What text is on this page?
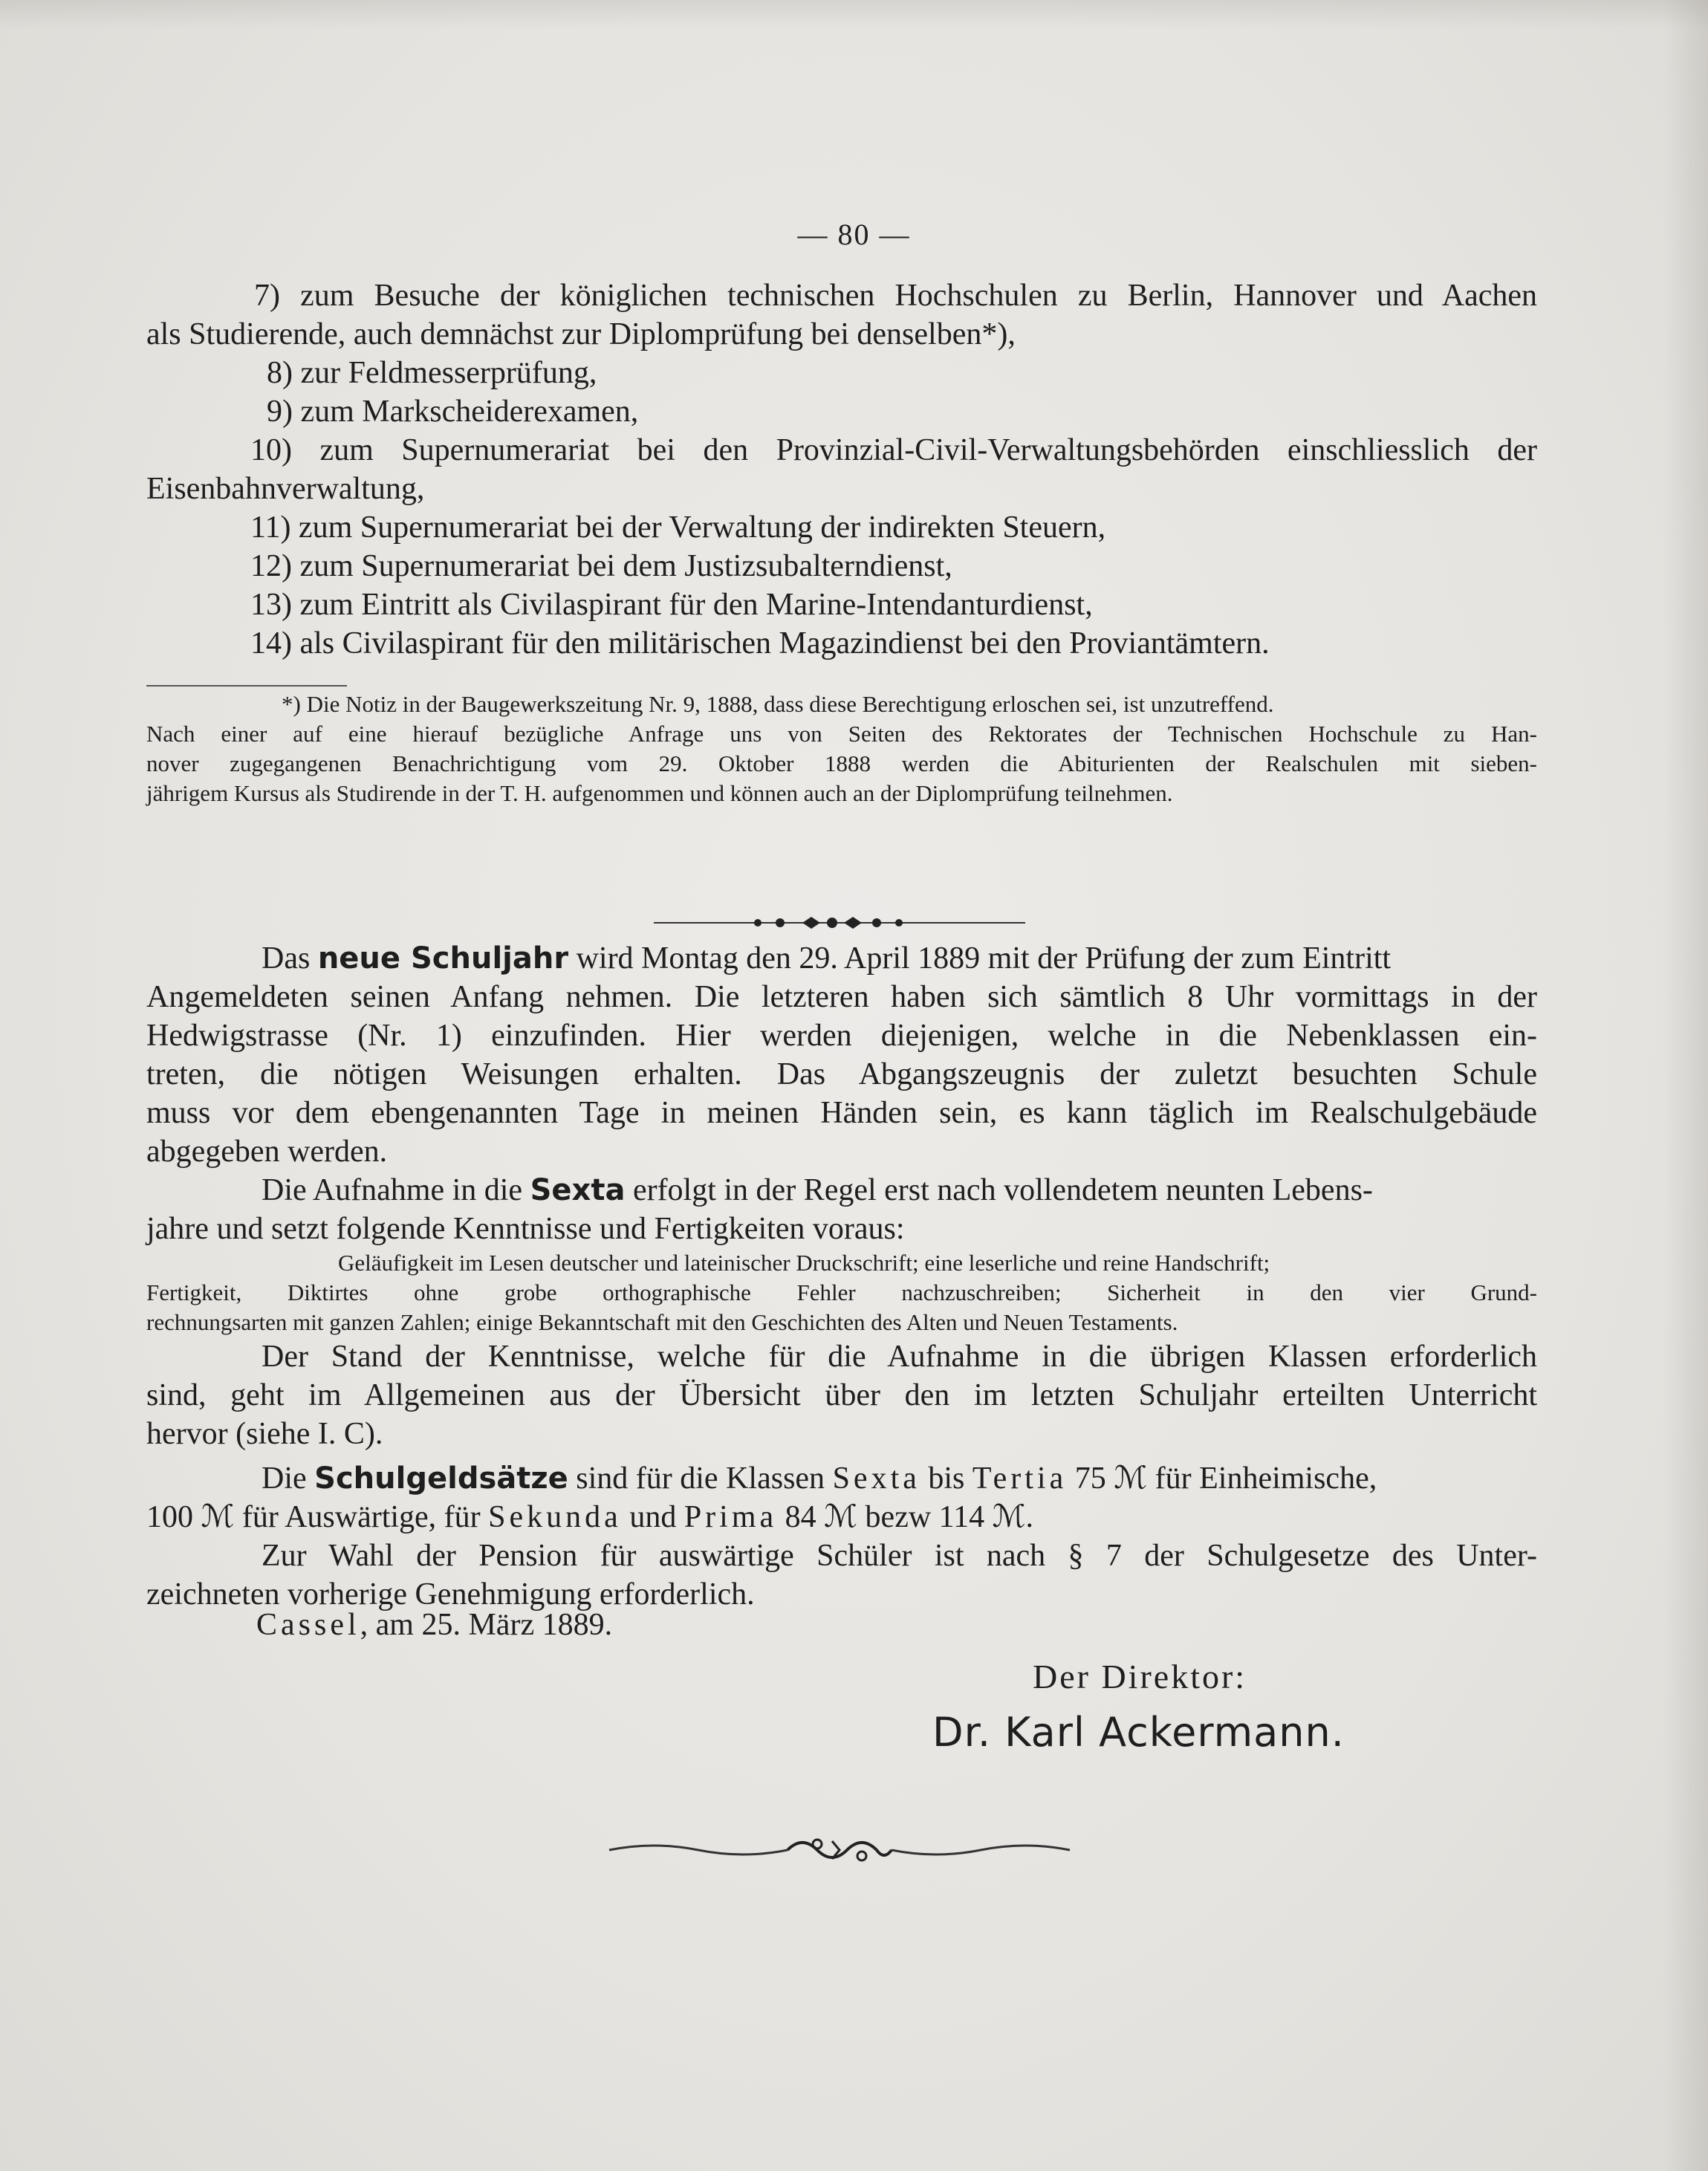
— 80 —
7) zum Besuche der königlichen technischen Hochschulen zu Berlin, Hannover und Aachen
als Studierende, auch demnächst zur Diplomprüfung bei denselben*),
8) zur Feldmesserprüfung,
9) zum Markscheiderexamen,
10) zum Supernumerariat bei den Provinzial-Civil-Verwaltungsbehörden einschliesslich der
Eisenbahnverwaltung,
11) zum Supernumerariat bei der Verwaltung der indirekten Steuern,
12) zum Supernumerariat bei dem Justizsubalterndienst,
13) zum Eintritt als Civilaspirant für den Marine-Intendanturdienst,
14) als Civilaspirant für den militärischen Magazindienst bei den Proviantämtern.
*) Die Notiz in der Baugewerkszeitung Nr. 9, 1888, dass diese Berechtigung erloschen sei, ist unzutreffend.
Nach einer auf eine hierauf bezügliche Anfrage uns von Seiten des Rektorates der Technischen Hochschule zu Han-
nover zugegangenen Benachrichtigung vom 29. Oktober 1888 werden die Abiturienten der Realschulen mit sieben-
jährigem Kursus als Studirende in der T. H. aufgenommen und können auch an der Diplomprüfung teilnehmen.
Das neue Schuljahr wird Montag den 29. April 1889 mit der Prüfung der zum Eintritt
Angemeldeten seinen Anfang nehmen. Die letzteren haben sich sämtlich 8 Uhr vormittags in der
Hedwigstrasse (Nr. 1) einzufinden. Hier werden diejenigen, welche in die Nebenklassen ein-
treten, die nötigen Weisungen erhalten. Das Abgangszeugnis der zuletzt besuchten Schule
muss vor dem ebengenannten Tage in meinen Händen sein, es kann täglich im Realschulgebäude
abgegeben werden.
Die Aufnahme in die Sexta erfolgt in der Regel erst nach vollendetem neunten Lebens-
jahre und setzt folgende Kenntnisse und Fertigkeiten voraus:
Geläufigkeit im Lesen deutscher und lateinischer Druckschrift; eine leserliche und reine Handschrift;
Fertigkeit, Diktirtes ohne grobe orthographische Fehler nachzuschreiben; Sicherheit in den vier Grund-
rechnungsarten mit ganzen Zahlen; einige Bekanntschaft mit den Geschichten des Alten und Neuen Testaments.
Der Stand der Kenntnisse, welche für die Aufnahme in die übrigen Klassen erforderlich
sind, geht im Allgemeinen aus der Übersicht über den im letzten Schuljahr erteilten Unterricht
hervor (siehe I. C).
Die Schulgeldsätze sind für die Klassen Sexta bis Tertia 75 ℳ für Einheimische,
100 ℳ für Auswärtige, für Sekunda und Prima 84 ℳ bezw 114 ℳ.
Zur Wahl der Pension für auswärtige Schüler ist nach § 7 der Schulgesetze des Unter-
zeichneten vorherige Genehmigung erforderlich.
Cassel, am 25. März 1889.
Der Direktor:
Dr. Karl Ackermann.
